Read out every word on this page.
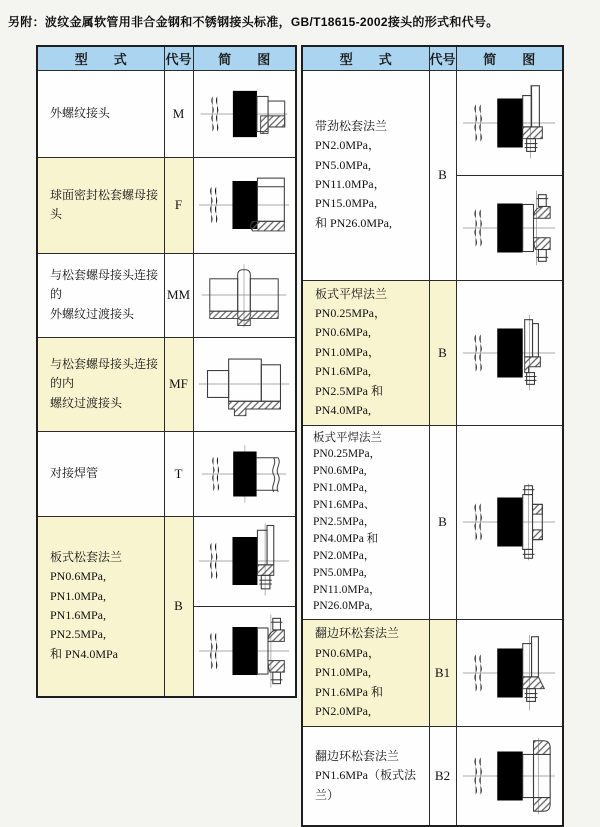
另附：波纹金属软管用非合金钢和不锈钢接头标准，GB/T18615-2002接头的形式和代号。
型　　式	代号	简　　图

外螺纹接头	M	

球面密封松套螺母接头	F	

与松套螺母接头连接的
外螺纹过渡接头	MM	

与松套螺母接头连接的内
螺纹过渡接头	MF	

对接焊管	T	

板式松套法兰
PN0.6MPa, PN1.0MPa,
PN1.6MPa, PN2.5MPa,
和 PN4.0MPa	B	
型　　式	代号	简　　图

带劲松套法兰
PN2.0MPa，PN5.0MPa,
PN11.0MPa，PN15.0MPa,
和 PN26.0MPa,	B	

板式平焊法兰
PN0.25MPa，PN0.6MPa,
PN1.0MPa，PN1.6MPa,
PN2.5MPa 和 PN4.0MPa,	B	

板式平焊法兰
PN0.25MPa，PN0.6MPa,
PN1.0MPa，PN1.6MPa、
PN2.5MPa，PN4.0MPa 和
PN2.0MPa，PN5.0MPa,
PN11.0MPa，PN26.0MPa,
	B	

翻边环松套法兰
PN0.6MPa，PN1.0MPa,
PN1.6MPa 和 PN2.0MPa,	B1	

翻边环松套法兰
PN1.6MPa（板式法兰）	B2	
